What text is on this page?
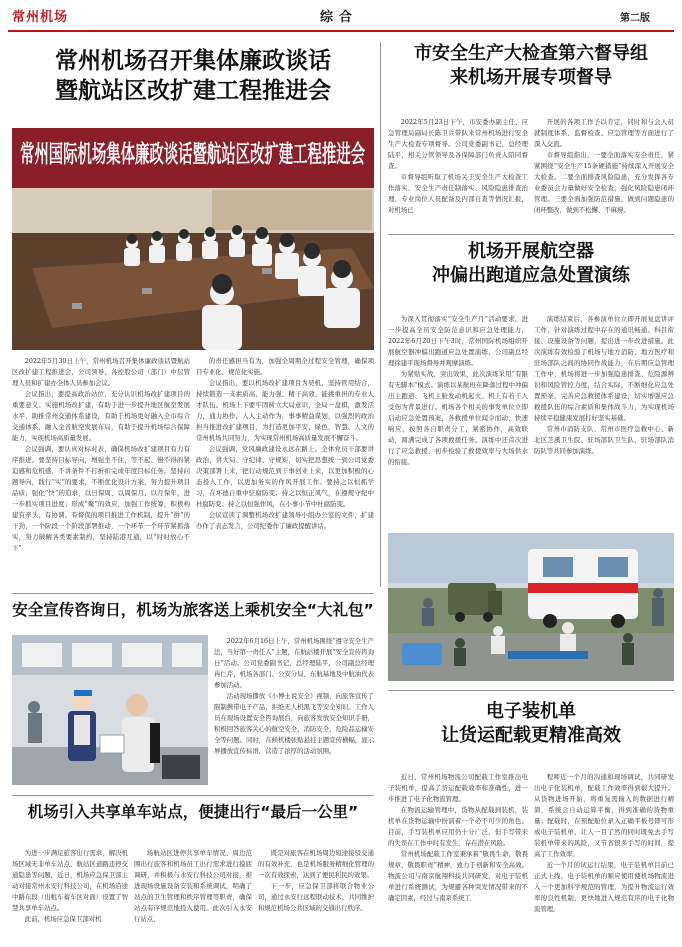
常州机场	综合	第二版
常州机场召开集体廉政谈话
暨航站区改扩建工程推进会
常州国际机场集体廉政谈话暨航站区改扩建工程推进会

2022年5月30日上午，常州机场召开集体廉政谈话暨航站区改扩建工程推进会，公司领导、各控股公司（部门）中层管理人员和扩建办全体人员参加会议。

会议指出，要提高政治站位，充分认识机场改扩建项目的重要意义。实施机场改扩建，有助于进一步提升地区航空发展水平，助推常州交通体系建设，有助于机场更好融入全市综合交通体系，融入全省航空发展布局，有助于提升机场综合保障能力，实现机场高质量发展。

会议强调，要认真对标对表，确保机场改扩建项目有力有序推进。要坚持目标导向，增强坐不住、等不起、慢不得的紧迫感和危机感，不讲条件不打折扣完成年度目标任务。坚持问题导向，践行“实”的要求，不断优化设计方案，努力提升项目品质；强化“快”的追求，以日保周、以周保月、以月保年，进一步抓实项目进度；形成“聚”的效应，加强工作统筹，积极构建有牵头、有协调、有督促的项目推进工作机制，提升“拼”的干劲，一个阶段一个阶段部署推动，一个环节一个环节紧抓落实，努力破解各类要素制约，坚持陆港互通，以“时时放心不下”

的责任感担当有为，加强全周期全过程安全管理，确保项目专业化、规范化实施。

会议指出，要以机场改扩建项目为契机，坚持管用结合，持续锻造一支素质高、能力强、精干高效、能挑重担的专业人才队伍。机场上下要牢固树立大局意识，全局一盘棋，激发活力，通力协作，人人主动作为，事事精益谋划，以强烈的政治担当推进改扩建项目，为打造更加平安、绿色、智慧、人文的常州机场共同努力，为实现常州机场高质量发展不懈奋斗。

会议强调，党风廉政建设永远在路上。全体党员干部要讲政治、讲大局、守纪律、守规矩，切实把思想统一到公司党委决策部署上来，把行动规范到干事创业上来，以更加积极的心态投入工作，以更加务实的作风开展工作。要持之以恒抓学习，在坏德自重中驻腐防变；持之以恒正风气，在遵规守纪中杜腐防变；持之以恒强作风，在小事小节中杜腐防变。

会议宣读了调整机场改扩建领导小组办公室的文件，扩建办作了表态发言，公司纪委作了廉政提醒讲话。

市安全生产大检查第六督导组
来机场开展专项督导

2022年5月23日下午，市安委办副主任、应急管理局副局长陈卫兵带队来常州机场进行安全生产大检查专项督导。公司党委副书记、总经理陆平，相关分管领导及各保障部门负责人陪同督查。

市督导组听取了机场关于安全生产大检查工作落实、安全生产责任制落实、风险隐患排查治理、专业岗位人员配备及内部自查等情况汇报，对机场已

开展的各项工作予以肯定，同时和与会人员就制度体系、监督检查、应急管理等方面进行了深入交流。

市督导组指出，一要全面落实安全责任，紧紧围绕“安全生产15条硬措施”持续深入开展安全大检查。二要全面排查风险隐患，充分发挥各专业委员会力量做好安全检查，强化风险隐患闭环管理。三要全面加强防范措施，做到问题隐患的闭环整改，做到不松懈、不麻痹。

机场开展航空器
冲偏出跑道应急处置演练

为深入贯彻落实“安全生产月”活动要求，进一步提高全员安全防范意识和应急处理能力，2022年6月20日下午3时，常州国际机场组织开展航空器冲偏出跑道应急处置演练，公司副总经理徐建平现场督导并观摩演练。

为紧贴实战、突出效果，此次演练采用“有限有无脚本”模式。演练以某航班在降落过程中冲偏出主跑道、飞机主舱发动机起火、机上有若干人受伤为背景进行。机场各个相关的事发单位立即启动应急处置预案，各救援单位闻令而动、快速响应，按照各自职责分工，紧密协作，高效联动，圆满完成了各项救援任务。演练中还首次进行了应急救援，初步检验了救援效率与大场供水的衔接。

演练结束后，各参演单位立即开展复盘讲评工作，针对演练过程中存在的通讯畅通、科目衔接、设施设备等问题，提出进一步改进措施。此次演练有效检验了机场与地方消防、地方医疗和驻场部队之间的协同作战能力，在后期应急管理工作中，机场将进一步加强隐患排查、危险源辨识和风险管控力度，结合实际，不断细化应急处置预案，完善应急救援体系建设，切实增强应急救援队伍的综合素质和集体战斗力，为实现机场持续平稳健康发展打好坚实基础。

常州市消防支队、常州市医疗急救中心、新北区芝溪卫生院、驻场部队卫生队、驻场部队消防队等共同参加演练。

安全宣传咨询日，机场为旅客送上乘机安全“大礼包”

2022年6月16日上午，常州机场围绕“遵守安全生产法，当好第一责任人”主题，在航站楼开展“安全宣传咨询日”活动。公司党委副书记、总经理陆平，公司副总经理冉仁芹，机场各部门、公安分局、东航基地及中航油代表参加活动。

活动现场播放《小博士说安全》视频，向旅客宣传了限制携带电子产品、拒绝无人机黑飞等安全知识。工作人员在现场设置安全咨询展台，向旅客发放安全知识手册，积极回答旅客关心的航空安全、消防安全、危险品运输安全等问题。同时，在候机楼张贴悬挂主题宣传横幅，显示屏播放宣传标语，营造了浓厚的活动氛围。

机场引入共享单车站点，便捷出行“最后一公里”

为进一步满足旅客出行需求，解决机场区域无非单车站点、航站区道路违停交通隐患等问题，近日，机场应急保卫部主动对接常州永安行科技公司，在机场沿途中路东段（出租车蓄车区对面）设置了智慧共享单车站点。

此前，机场应急保卫部对机

场航站区进停共享单车情况、周边范围出行旅客和机场员工出行需求进行摸底调研，并积极与永安行科技公司对接，推进现场设施设备安装和系统调试，明确了站点的卫生管理和秩序管理等职责，确保站点有序规范地投入使用。此次引入永安行站点，

既是对旅客在机场周边短途接驳交通的有效补充，也是机场服务精细化管理的一次有效探索，达到了便民利民的效果。

下一步，应急保卫部将联合物业公司，通过永安行远程联动技术，共同维护和规范机场公共区域的交通出行秩序。

电子装机单
让货运配载更精准高效

近日，常州机场物流公司配载工作室推出电子装机单，提高了货运配载效率和准确性，进一步推进了电子化物流管理。

在物流运输管理中，货物从配载到装机，装机单在货物运输中扮演着一个必不可少的角色。目前，手写装机单应用仍十分广泛，但手写带来的失误在工作中时有发生，存在潜在风险。

常州机场配载工作室秉承着“敬畏生命、敬畏规章、敬畏职责”精神，致力于创新和安全高效。物流公司与南京航翔科技共同研发，对电子装机单进行系统测试，为规避各种突发情况带来的不确定因素，经过与南京系统工

程师近一个月的沟通和现场调试，共同研发出电子化装机单，配载工作效率得到很大提升。从货物进场开始，将重复需输入的数据进行精简，系统会自动运算平衡，得到准确的货物重量；配载时，在预配舱位录入正确平板号即可形成电子装机单，让人一目了然的同时既免去手写装机单带来的风险，又节省很多手写的时间，提高了工作效率。

近一个月的试运行结果，电子装机单目前已正式上线，电子装机单的顺应使用使机场物流进入一个更加科学规范的管理，为提升物流运行效率的良性机制，更快地进入规范有序的电子化物流管理。
